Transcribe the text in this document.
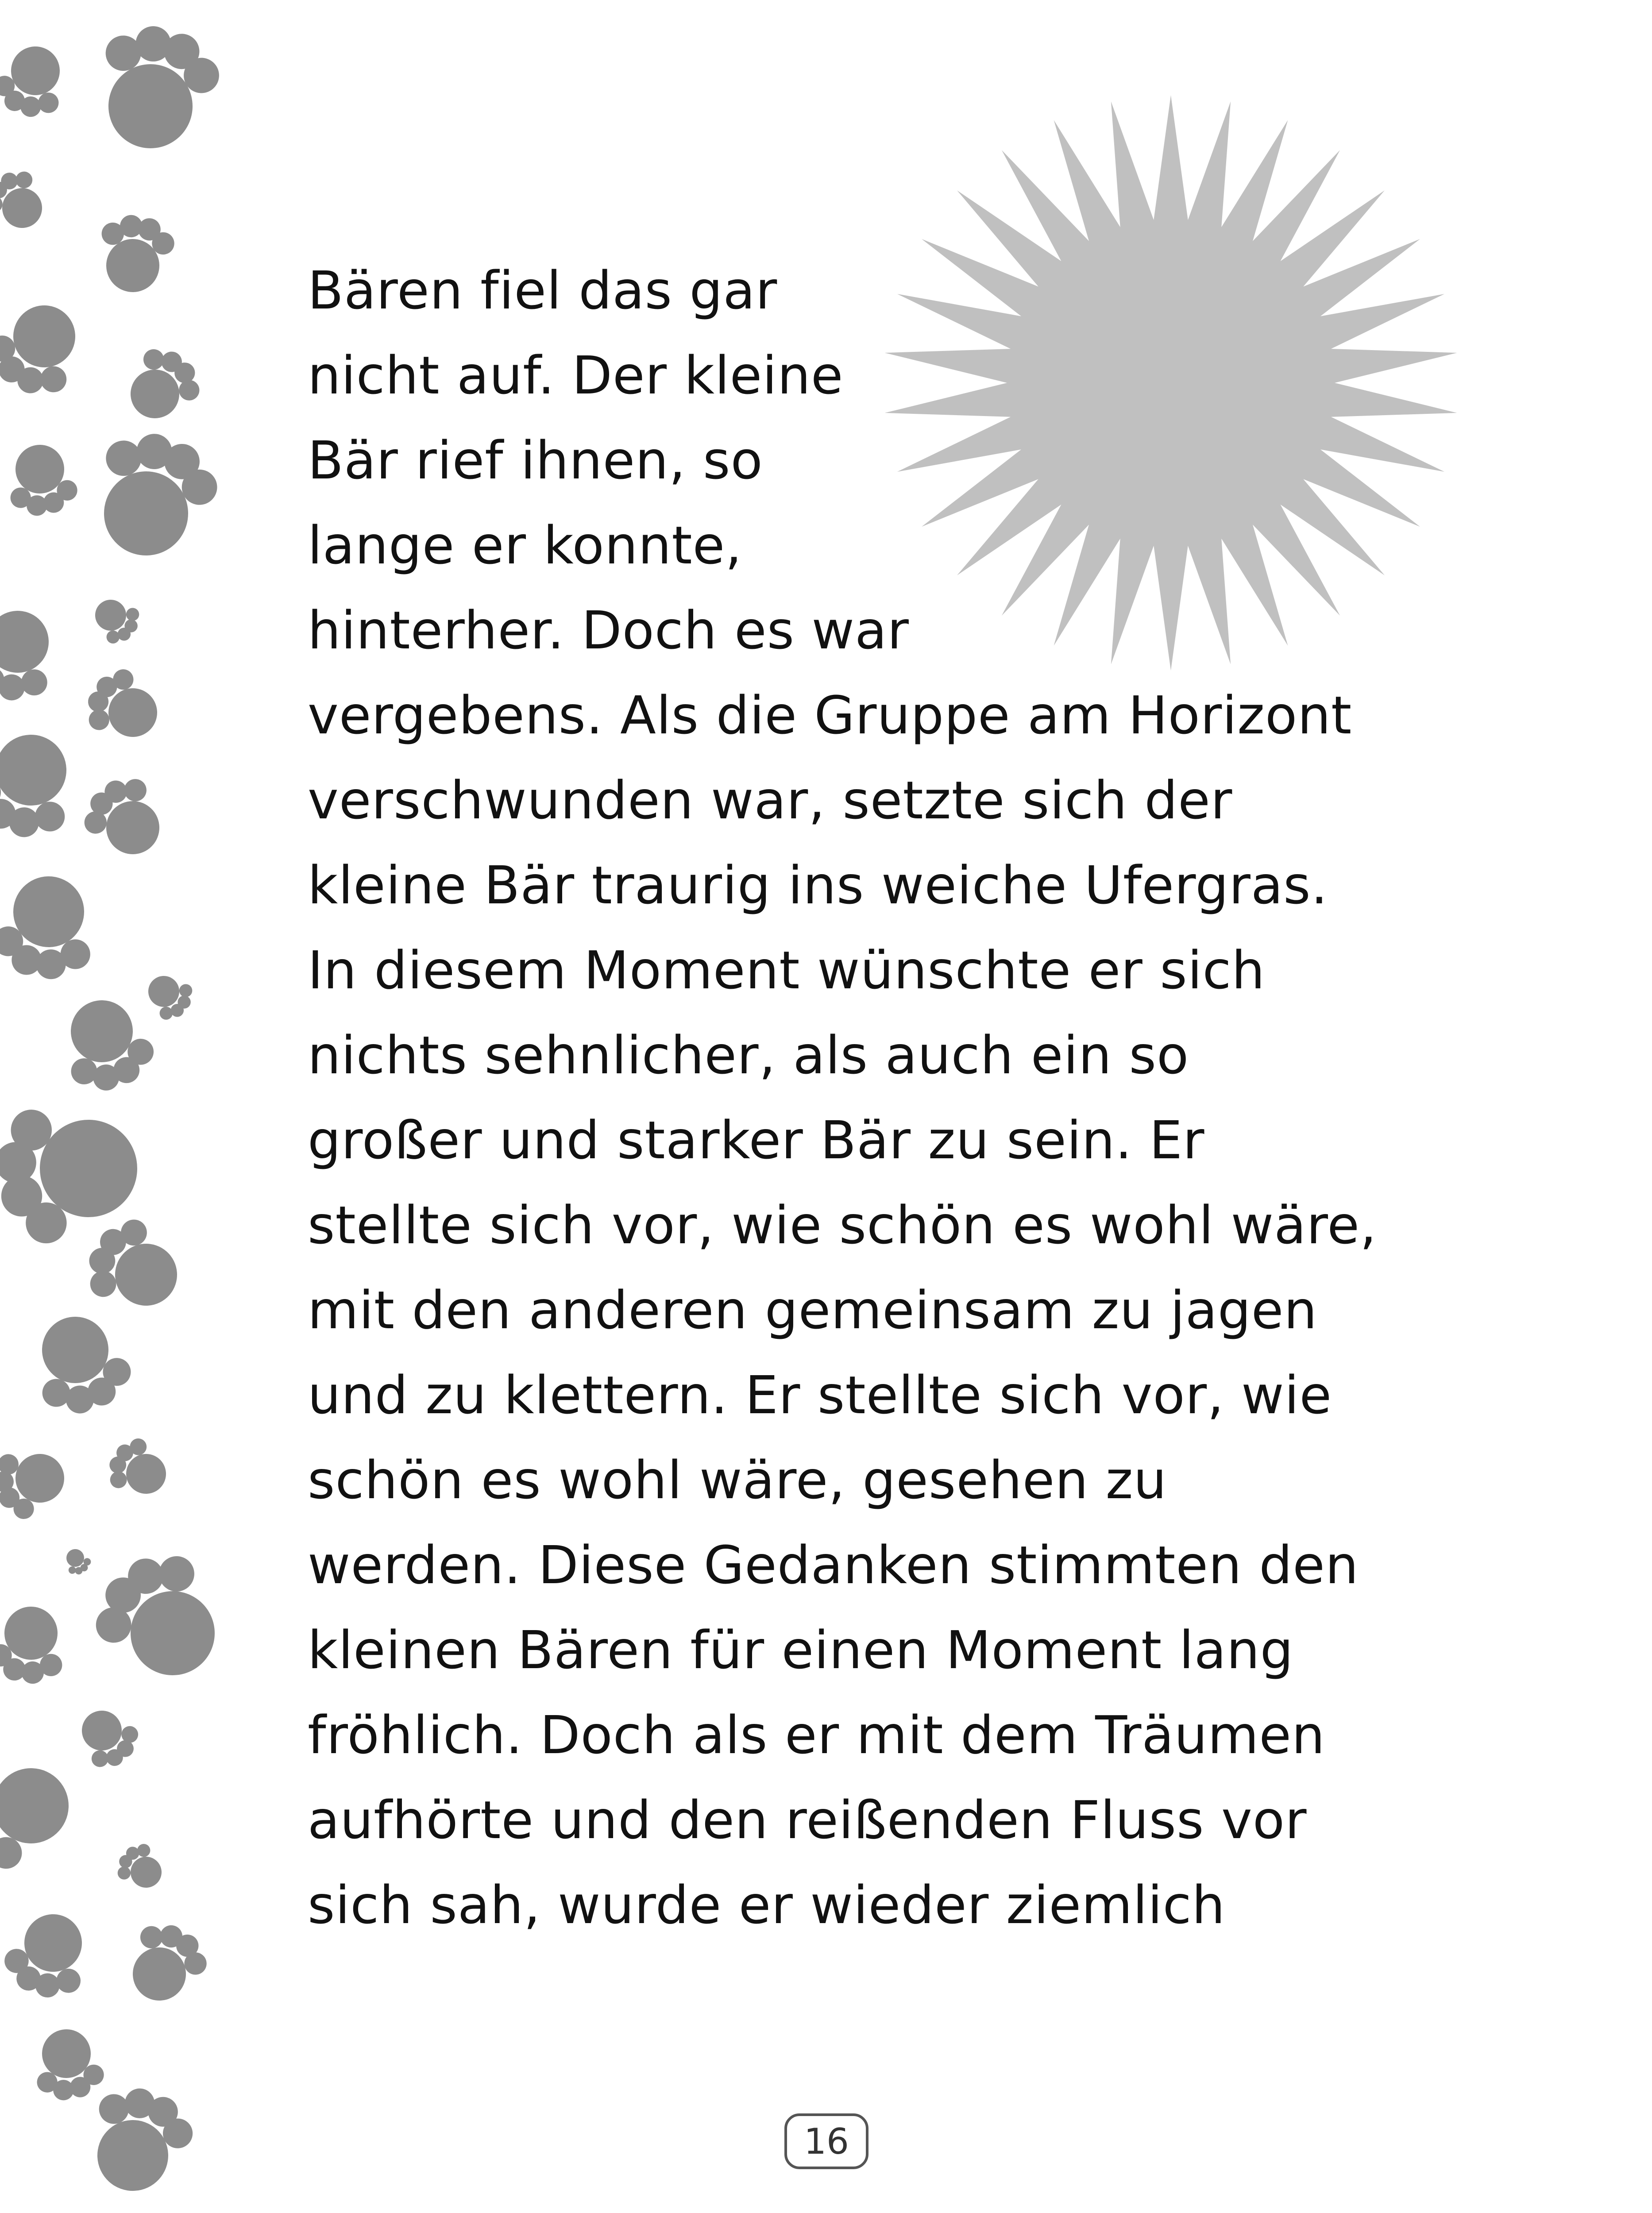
Bären fiel das gar
nicht auf. Der kleine
Bär rief ihnen, so
lange er konnte,
hinterher. Doch es war
vergebens. Als die Gruppe am Horizont
verschwunden war, setzte sich der
kleine Bär traurig ins weiche Ufergras.
In diesem Moment wünschte er sich
nichts sehnlicher, als auch ein so
großer und starker Bär zu sein. Er
stellte sich vor, wie schön es wohl wäre,
mit den anderen gemeinsam zu jagen
und zu klettern. Er stellte sich vor, wie
schön es wohl wäre, gesehen zu
werden. Diese Gedanken stimmten den
kleinen Bären für einen Moment lang
fröhlich. Doch als er mit dem Träumen
aufhörte und den reißenden Fluss vor
sich sah, wurde er wieder ziemlich
16
